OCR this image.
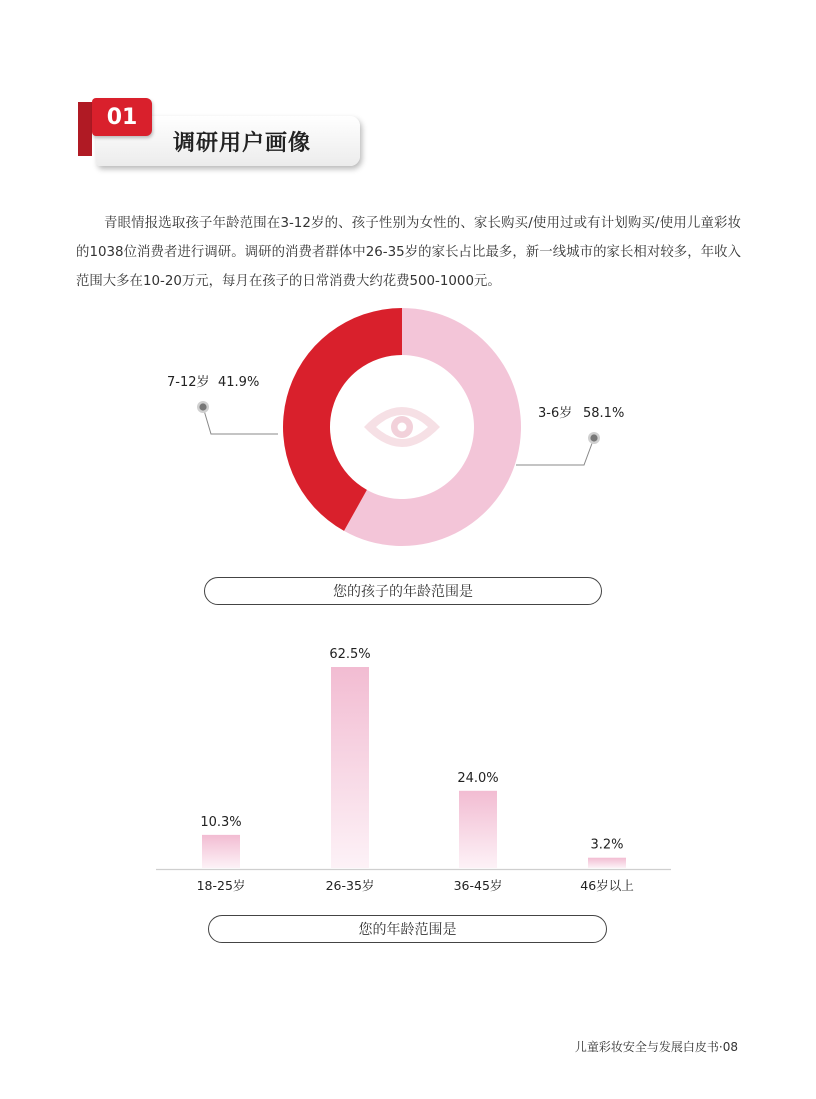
01
调研用户画像
青眼情报选取孩子年龄范围在3-12岁的、孩子性别为女性的、家长购买/使用过或有计划购买/使用儿童彩妆的1038位消费者进行调研。调研的消费者群体中26-35岁的家长占比最多，新一线城市的家长相对较多，年收入范围大多在10-20万元，每月在孩子的日常消费大约花费500-1000元。
3-6岁 58.1%
7-12岁 41.9%
您的孩子的年龄范围是
10.3%
18-25岁
62.5%
26-35岁
24.0%
36-45岁
3.2%
46岁以上
您的年龄范围是
儿童彩妆安全与发展白皮书·08
